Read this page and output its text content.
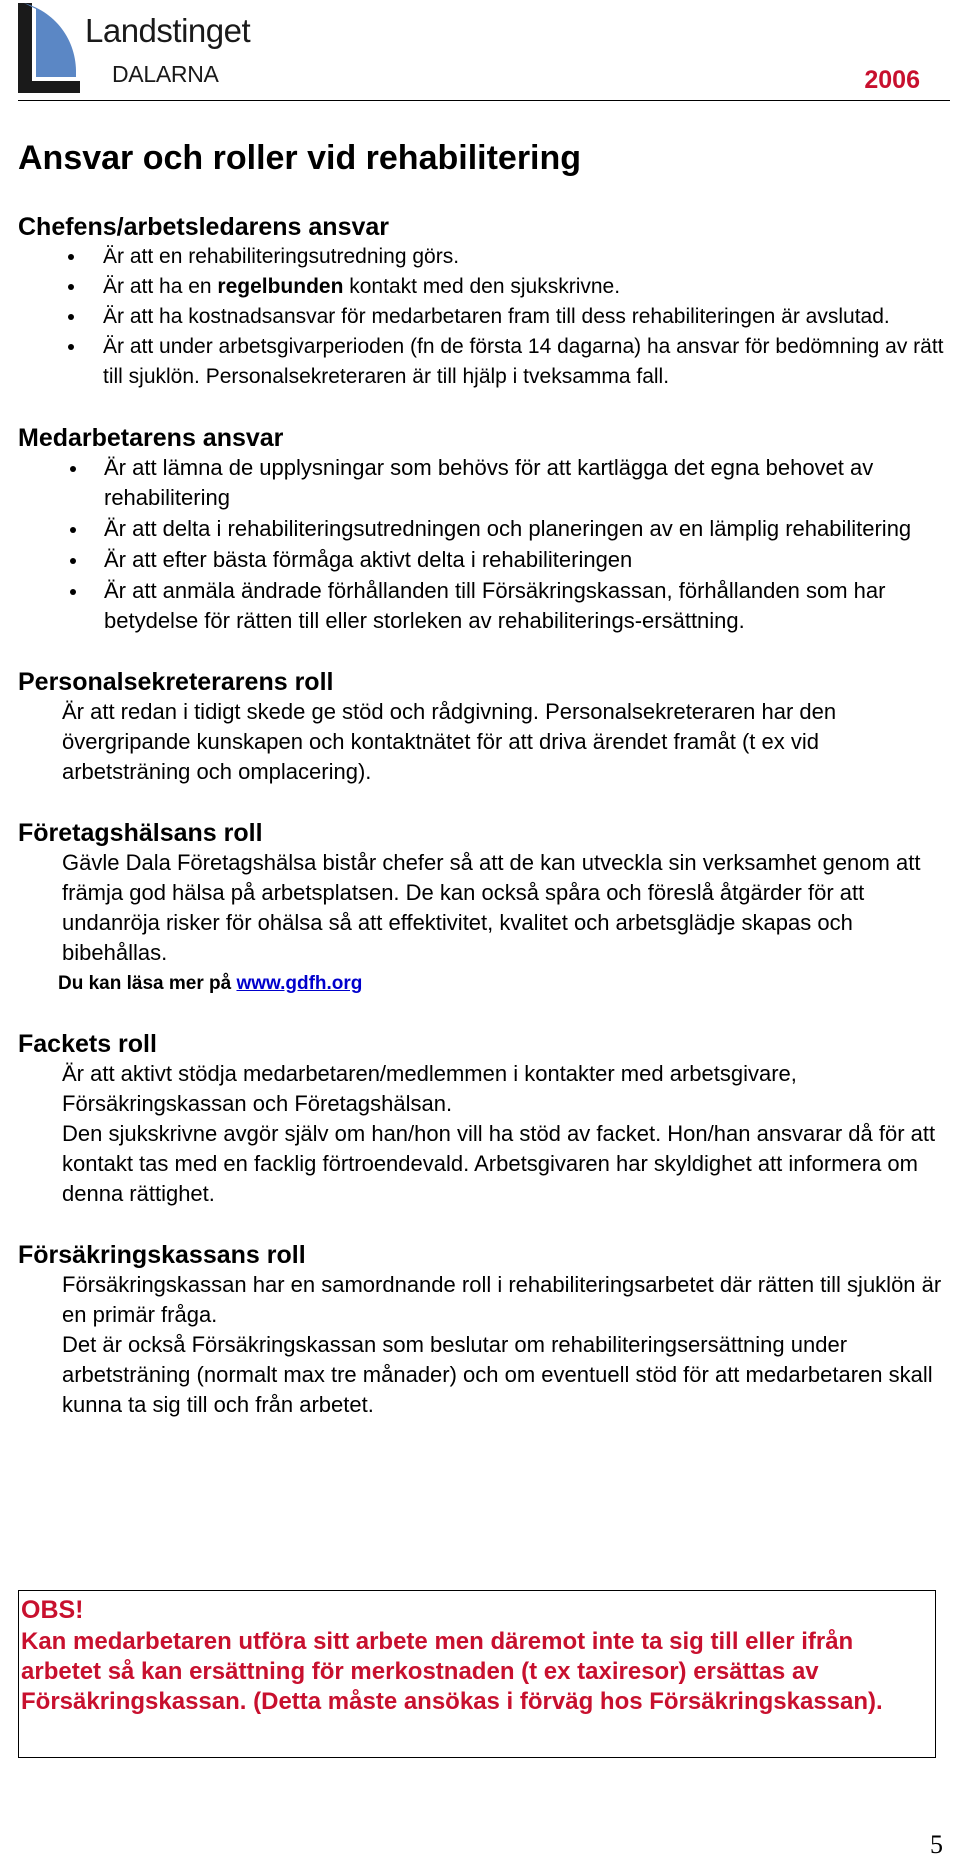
Landstinget
DALARNA	2006
Ansvar och roller vid rehabilitering
Chefens/arbetsledarens ansvar
Är att en rehabiliteringsutredning görs.
Är att ha en regelbunden kontakt med den sjukskrivne.
Är att ha kostnadsansvar för medarbetaren fram till dess rehabiliteringen är avslutad.
Är att under arbetsgivarperioden (fn de första 14 dagarna) ha ansvar för bedömning av rätt till sjuklön. Personalsekreteraren är till hjälp i tveksamma fall.
Medarbetarens ansvar
Är att lämna de upplysningar som behövs för att kartlägga det egna behovet av rehabilitering
Är att delta i rehabiliteringsutredningen och planeringen av en lämplig rehabilitering
Är att efter bästa förmåga aktivt delta i rehabiliteringen
Är att anmäla ändrade förhållanden till Försäkringskassan, förhållanden som har betydelse för rätten till eller storleken av rehabiliterings-ersättning.
Personalsekreterarens roll

Är att redan i tidigt skede ge stöd och rådgivning. Personalsekreteraren har den övergripande kunskapen och kontaktnätet för att driva ärendet framåt (t ex vid arbetsträning och omplacering).

Företagshälsans roll

Gävle Dala Företagshälsa bistår chefer så att de kan utveckla sin verksamhet genom att främja god hälsa på arbetsplatsen. De kan också spåra och föreslå åtgärder för att undanröja risker för ohälsa så att effektivitet, kvalitet och arbetsglädje skapas och bibehållas.

Du kan läsa mer på www.gdfh.org

Fackets roll

Är att aktivt stödja medarbetaren/medlemmen i kontakter med arbetsgivare, Försäkringskassan och Företagshälsan.

Den sjukskrivne avgör själv om han/hon vill ha stöd av facket. Hon/han ansvarar då för att kontakt tas med en facklig förtroendevald. Arbetsgivaren har skyldighet att informera om denna rättighet.

Försäkringskassans roll

Försäkringskassan har en samordnande roll i rehabiliteringsarbetet där rätten till sjuklön är en primär fråga.

Det är också Försäkringskassan som beslutar om rehabiliteringsersättning under arbetsträning (normalt max tre månader) och om eventuell stöd för att medarbetaren skall kunna ta sig till och från arbetet.

OBS!
Kan medarbetaren utföra sitt arbete men däremot inte ta sig till eller ifrån arbetet så kan ersättning för merkostnaden (t ex taxiresor) ersättas av Försäkringskassan. (Detta måste ansökas i förväg hos Försäkringskassan).
5
